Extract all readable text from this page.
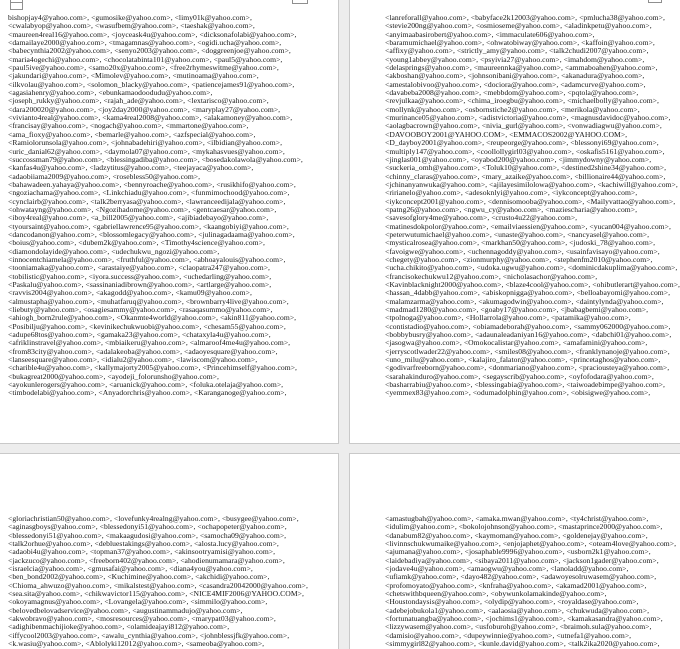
bishopjay4@yahoo.com>, <gumosike@yahoo.com>, <limy01k@yahoo.com>,
<cwalabyop@yahoo.com>, <wasufbem@yahoo.com>, <taeshak@yahoo.com>,
<maureen4real16@yahoo.com>, <joyceask4u@yahoo.com>, <dicksonafolabi@yahoo.com>,
<damailaye2000@yahoo.com>, <tmagamnas@yahoo.com>, <ogidi.ucha@yahoo.com>,
<babecynthia2002@yahoo.com>, <senyo2003@yahoo.com>, <doggreenjoe@yahoo.com>,
<maria4ogechi@yahoo.com>, <chocolatabinta101@yahoo.com>, <paul5@yahoo.com>,
<paul5ive@yahoo.com>, <samo20x@yahoo.com>, <free2rhymeswitme@yahoo.com>,
<jakundari@yahoo.com>, <Mimolev@yahoo.com>, <mutinoama@yahoo.com>,
<ilkvolau@yahoo.com>, <solomon_blacky@yahoo.com>, <patiencejames91@yahoo.com>,
<agasiahenry@yahoo.com>, <ebunkamaodoodudu@yahoo.com>,
<joseph_rukky@yahoo.com>, <rajah_ade@yahoo.com>, <lextarisco@yahoo.com>,
<dara200020@yahoo.com>, <joy2day2000@yahoo.com>, <maryplay27@yahoo.com>,
<vivianto4real@yahoo.com>, <kama4real2008@yahoo.com>, <alakamoney@yahoo.com>,
<francisay@yahoo.com>, <nogach@yahoo.com>, <mmartone@yahoo.com>,
<ama_fioxy@yahoo.com>, <bemarle@yahoo.com>, <azfspecial@yahoo.com>,
<Ramiolorunsola@yahoo.com>, <johnabadehiri@yahoo.com>, <ilbidian@yahoo.com>,
<uric_danial62@yahoo.com>, <daymola07@yahoo.com>, <mykahasvues@yahoo.com>,
<succossman79@yahoo.com>, <blessingadiba@yahoo.com>, <bosedakolawola@yahoo.com>,
<kanfas4u@yahoo.com>, <ladzytitus@yahoo.com>, <teejayaca@yahoo.com>,
<adaobiiama2009@yahoo.com>, <rosebless50@yahoo.com>,
<bahawadeen.yahaya@yahoo.com>, <bennyroache@yahoo.com>, <rusikhifo@yahoo.com>,
<ngoziachama@yahoo.com>, <Linkchiadu@yahoo.com>, <funmimochood@yahoo.com>,
<cynclairb@yahoo.com>, <talk2berryasa@yahoo.com>, <lawranceedijala@yahoo.com>,
<ohwatayng@yahoo.com>, <Ngozihadome@yahoo.com>, <gentcaesar@yahoo.com>,
<iboy4real@yahoo.com>, <a_bill2005@yahoo.com>, <ajibiadebayo@yahoo.com>,
<tyoursaint@yahoo.com>, <gabriellawrence95@yahoo.com>, <kaangobiyi@yahoo.com>,
<dancodanon@yahoo.com>, <blossomlegacy@yahoo.com>, <julinagadaama@yahoo.com>,
<boius@yahoo.com>, <dubem2k@yahoo.com>, <Timothy4science@yahoo.com>,
<diamondolayide@yahoo.com>, <udechukwu_ngozi@yahoo.com>,
<innocentchiamela@yahoo.com>, <fruthful@yahoo.com>, <abhoayalouis@yahoo.com>,
<tooniamaka@yahoo.com>, <arastaiye@yahoo.com>, <claopatra247@yahoo.com>,
<tobilistic@yahoo.com>, <iyora.success@yahoo.com>, <uchedarling@yahoo.com>,
<Paskalu@yahoo.com>, <sassinaniadibrown@yahoo.com>, <artlarge@yahoo.com>,
<ravvis2004@yahoo.com>, <akagodd@yahoo.com>, <kamu09@yahoo.com>,
<almustapha@yahoo.com>, <muhatfaruq@yahoo.com>, <brownbarry4live@yahoo.com>,
<liebuty@yahoo.com>, <osagiesammy@yahoo.com>, <rasaqasummo@yahoo.com>,
<ahiogh_born2rule@yahoo.com>, <Okanmte4world@yahoo.com>, <akin811@yahoo.com>,
<Posibilju@yahoo.com>, <kevinikechukwuobi@yahoo.com>, <chesam55@yahoo.com>,
<adupe68tos@yahoo.com>, <gamaka23@yahoo.com>, <chataxyla4u@yahoo.com>,
<afriklinstravel@yahoo.com>, <mbiaikeru@yahoo.com>, <almaroof4me4u@yahoo.com>,
<from83city@yahoo.com>, <adalakeoba@yahoo.com>, <adaoyesquare@yahoo.com>,
<lanseesquare@yahoo.com>, <idialu2@yahoo.com>, <lawiscom@yahoo.com>,
<charible4u@yahoo.com>, <kallymajorty2005@yahoo.com>, <Princehimself@yahoo.com>,
<bukagreat2000@yahoo.com>, <ayodeji_folorunsho@yahoo.com>,
<ayokunlerogers@yahoo.com>, <aruanick@yahoo.com>, <foluka.otelaja@yahoo.com>,
<timbodelabi@yahoo.com>, <Anyadorchris@yahoo.com>, <Karanganoge@yahoo.com>,
<lanreforall@yahoo.com>, <babyface2k12003@yahoo.com>, <pmlucha38@yahoo.com>,
<stevie200ng@yahoo.com>, <osmioseme@yahoo.com>, <aladinkpetu@yahoo.com>,
<anyimaabasirobert@yahoo.com>, <immaculate606@yahoo.com>,
<baramumichael@yahoo.com>, <ohwatobiway@yahoo.com>, <kaffoin@yahoo.com>,
<affixy@yahoo.com>, <strictly_amy@yahoo.com>, <talk2chudi2007@yahoo.com>,
<young1abbey@yahoo.com>, <psyivia27@yahoo.com>, <imahdom@yahoo.com>,
<delasprings@yahoo.com>, <maureennka@yahoo.com>, <ammaboahen@yahoo.com>,
<akboshan@yahoo.com>, <johnsonibani@yahoo.com>, <akanadura@yahoo.com>,
<amestalobivoo@yahoo.com>, <dociora@yahoo.com>, <adamcurve@yahoo.com>,
<davabeba2008@yahoo.com>, <mebbdom@yahoo.com>, <pqtola@yahoo.com>,
<revjulkaa@yahoo.com>, <chima_iroegbu@yahoo.com>, <michaelbolly@yahoo.com>,
<mollynk@yahoo.com>, <osbornstiche2@yahoo.com>, <merikola@yahoo.com>,
<murinance05@yahoo.com>, <adistvictoria@yahoo.com>, <magnusdavidoc@yahoo.com>,
<aolagbacrown@yahoo.com>, <nivia_gurl@yahoo.com>, <vonwadiagwu@yahoo.com>,
<DAVOOBOY2001@YAHOO.COM>, <EMMACOS2002@YAHOO.COM>,
<D_dayboy2001@yahoo.com>, <reupeorge@yahoo.com>, <blessonyi69@yahoo.com>,
<multiply147@yahoo.com>, <coollollygirl03@yahoo.com>, <oskafis5161@yahoo.com>,
<jinglas001@yahoo.com>, <oyabod200@yahoo.com>, <jimmydowny@yahoo.com>,
<suckeria_omh@yahoo.com>, <Toluk10@yahoo.com>, <destined2shine34@yahoo.com>,
<chinny_claras@yahoo.com>, <mary_azaike@yahoo.com>, <billionaire44@yahoo.com>,
<jchinanyanwuka@yahoo.com>, <ajilayesimilolowa@yahoo.com>, <kachiwill@yahoo.com>,
<ririanelo@yahoo.com>, <adesoknlyi@yahoo.com>, <iykconcept@yahoo.com>,
<iykconcept2001@yahoo.com>, <dennisomooba@yahoo.com>, <Mailyvattao@yahoo.com>,
<patng26@yahoo.com>, <ngwu_cy@yahoo.com>, <maziescharia@yahoo.com>,
<savesofglory4me@yahoo.com>, <crusto4u22@yahoo.com>,
<matinesdokpolor@yahoo.com>, <emailviaessien@yahoo.com>, <yucan004@yahoo.com>,
<peterwutumichael@yahoo.com>, <unaste@yahoo.com>, <nancyasel@yahoo.com>,
<mysticalrosea@yahoo.com>, <markhan50@yahoo.com>, <judoski_78@yahoo.com>,
<favoigwe@yahoo.com>, <uchennagoddy@yahoo.com>, <usainfavisayo@yahoo.com>,
<chegety@yahoo.com>, <zionmurphy@yahoo.com>, <stephenfm2010@yahoo.com>,
<ucha.chikito@yahoo.com>, <udoka.ugwu@yahoo.com>, <dominicdakuplima@yahoo.com>,
<francisokechukwu12@yahoo.com>, <nicholasachor@yahoo.com>,
<Kavinblacknight2000@yahoo.com>, <blaze4cool@yahoo.com>, <ohibutlerart@yahoo.com>,
<hassan_4dabb@yahoo.com>, <abiskopnigga@yahoo.com>, <belloabayomi@yahoo.com>,
<malamzarma@yahoo.com>, <akumagodwin@yahoo.com>, <daintylynda@yahoo.com>,
<madmad1280@yahoo.com>, <goaby17@yahoo.com>, <jbabagbemi@yahoo.com>,
<tpolnoga@yahoo.com>, <Hollarrola@yahoo.com>, <patamika@yahoo.com>,
<contistadio@yahoo.com>, <obiamadeborah@yahoo.com>, <sammy062000@yahoo.com>,
<bobbybusry@yahoo.com>, <adaunaleadaniyan16@yahoo.com>, <dabchi01@yahoo.com>,
<jasogwa@yahoo.com>, <Omokocalistar@yahoo.com>, <amafamini@yahoo.com>,
<jerryscotlwader22@yahoo.com>, <smiles08@yahoo.com>, <franklynanoje@yahoo.com>,
<uno_milu@yahoo.com>, <kalajiro_falator@yahoo.com>, <princetaghos@yahoo.com>,
<godivarfreeborn@yahoo.com>, <donmariano@yahoo.com>, <praciousteya@yahoo.com>,
<sarahakinduro@yahoo.com>, <segayscrib@yahoo.com>, <oyfofodara@yahoo.com>,
<basharrabiu@yahoo.com>, <blessingabia@yahoo.com>, <taiwoadebimpe@yahoo.com>,
<yemmex83@yahoo.com>, <odumadolphin@yahoo.com>, <obisigwe@yahoo.com>,
<gloriachristian50@yahoo.com>, <lovefunky4realng@yahoo.com>, <busygee@yahoo.com>,
<aginasgboys@yahoo.com>, <blessedonyi51@yahoo.com>, <ochapopeter@yahoo.com>,
<blessedonyi51@yahoo.com>, <makaagudosi@yahoo.com>, <samocha09@yahoo.com>,
<talk2orhue@yahoo.com>, <debluestakings@yahoo.com>, <alosta.lucy@yahoo.com>,
<adaobi4u@yahoo.com>, <topman37@yahoo.com>, <akinsootryamisi@yahoo.com>,
<jackzuco@yahoo.com>, <freeborn402@yahoo.com>, <ahodienumamara@yahoo.com>,
<israelcia@yahoo.com>, <gmusafai@yahoo.com>, <diana4you@yahoo.com>,
<ben_bond2002@yahoo.com>, <Kuchimine@yahoo.com>, <akchidi@yahoo.com>,
<Chioma_ahwuzo@yahoo.com>, <mikalstest@yahoo.com>, <casandra20042000@yahoo.com>,
<sea.sita@yahoo.com>, <chikwavictor115@yahoo.com>, <NICE4MIF2006@YAHOO.COM>,
<okoyamagnus@yahoo.com>, <Lovangela@yahoo.com>, <simmilo@yahoo.com>,
<belovedbelovadservice@yahoo.com>, <augustinammadujo@yahoo.com>,
<akwobravo@yahoo.com>, <mosresources@yahoo.com>, <marypat03@yahoo.com>,
<adighibenmachijioke@yahoo.com>, <olamideajayi812@yahoo.com>,
<iffycool2003@yahoo.com>, <awalu_cynthia@yahoo.com>, <johnblessjfk@yahoo.com>,
<k.wasiu@yahoo.com>, <Ablolyki12012@yahoo.com>, <sameoba@yahoo.com>,
<amastugbah@yahoo.com>, <amaka.mwan@yahoo.com>, <ty4christ@yahoo.com>,
<idulim@yahoo.com>, <bokolojohnson@yahoo.com>, <mastaprince2000@yahoo.com>,
<danabum82@yahoo.com>, <kaymoman@yahoo.com>, <goldenejay@yahoo.com>,
<livinnschukwumaike@yahoo.com>, <enjojaphet@yahoo.com>, <oteam4love@yahoo.com>,
<ajumana@yahoo.com>, <josaphable9996@yahoo.com>, <usborn2k1@yahoo.com>,
<laidebadiya@yahoo.com>, <sibaya2011@yahoo.com>, <jackson1gader@yahoo.com>,
<jodave4u@yahoo.com>, <amaogwu@yahoo.com>, <lanoladd@yahoo.com>,
<ufiamk@yahoo.com>, <dayo482@yahoo.com>, <adawoyesolruwasem@yahoo.com>,
<profomoyato@yahoo.com>, <knfraha@yahoo.com>, <akamad2001@yahoo.com>,
<chetswithbqueen@yahoo.com>, <obywunkolamakinde@yahoo.com>,
<Houstondaysis@yahoo.com>, <olydip@yahoo.com>, <royaldase@yahoo.com>,
<adebejobukola1@yahoo.com>, <aalaosia@yahoo.com>, <chukwuda@yahoo.com>,
<fortunatuangba@yahoo.com>, <jochims1@yahoo.com>, <kamakasandra@yahoo.com>,
<lizzywasem@yahoo.com>, <usfoburoh@yahoo.com>, <braimoh.sula@yahoo.com>,
<damisio@yahoo.com>, <dupeywinnie@yahoo.com>, <utnefa1@yahoo.com>,
<simmygirl82@yahoo.com>, <kunle.david@yahoo.com>, <talk2ika2020@yahoo.com>,
